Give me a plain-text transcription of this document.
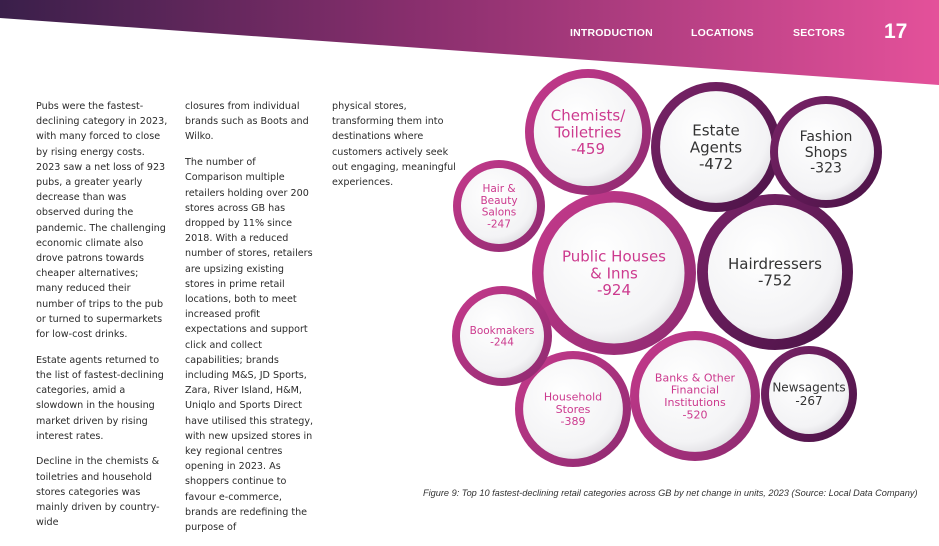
INTRODUCTION	LOCATIONS	SECTORS 17

Pubs were the fastest-declining category in 2023, with many forced to close by rising energy costs. 2023 saw a net loss of 923 pubs, a greater yearly decrease than was observed during the pandemic. The challenging economic climate also drove patrons towards cheaper alternatives; many reduced their number of trips to the pub or turned to supermarkets for low-cost drinks.

Estate agents returned to the list of fastest-declining categories, amid a slowdown in the housing market driven by rising interest rates.

Decline in the chemists & toiletries and household stores categories was mainly driven by country-wide

closures from individual brands such as Boots and Wilko.

The number of Comparison multiple retailers holding over 200 stores across GB has dropped by 11% since 2018. With a reduced number of stores, retailers are upsizing existing stores in prime retail locations, both to meet increased profit expectations and support click and collect capabilities; brands including M&S, JD Sports, Zara, River Island, H&M, Uniqlo and Sports Direct have utilised this strategy, with new upsized stores in key regional centres opening in 2023. As shoppers continue to favour e-commerce, brands are redefining the purpose of

physical stores, transforming them into destinations where customers actively seek out engaging, meaningful experiences.

Public Houses
& Inns
-924
Hairdressers
-752
Estate
Agents
-472
Chemists/
Toiletries
-459
Household
Stores
-389
Fashion
Shops
-323
Newsagents
-267
Hair &
Beauty
Salons
-247
Bookmakers
-244
Banks & Other
Financial
Institutions
-520
Figure 9: Top 10 fastest-declining retail categories across GB by net change in units, 2023 (Source: Local Data Company)
